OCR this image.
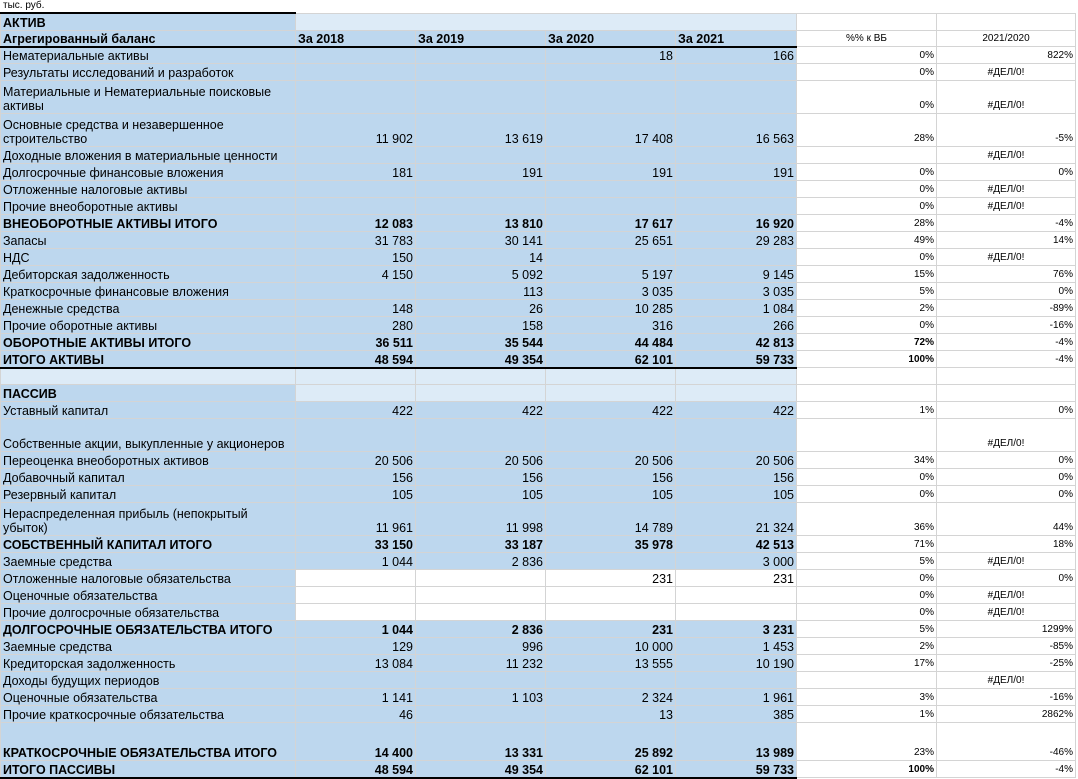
тыс. руб.
АКТИВ						
Агрегированный баланс	За 2018	За 2019	За 2020	За 2021	%% к ВБ	2021/2020
Нематериальные активы			18	166	0%	822%
Результаты исследований и разработок					0%	#ДЕЛ/0!
Материальные и Нематериальные поисковые активы					0%	#ДЕЛ/0!
Основные средства и незавершенное строительство	11 902	13 619	17 408	16 563	28%	-5%
Доходные вложения в материальные ценности						#ДЕЛ/0!
Долгосрочные финансовые вложения	181	191	191	191	0%	0%
Отложенные налоговые активы					0%	#ДЕЛ/0!
Прочие внеоборотные активы					0%	#ДЕЛ/0!
ВНЕОБОРОТНЫЕ АКТИВЫ ИТОГО	12 083	13 810	17 617	16 920	28%	-4%
Запасы	31 783	30 141	25 651	29 283	49%	14%
НДС	150	14			0%	#ДЕЛ/0!
Дебиторская задолженность	4 150	5 092	5 197	9 145	15%	76%
Краткосрочные финансовые вложения		113	3 035	3 035	5%	0%
Денежные средства	148	26	10 285	1 084	2%	-89%
Прочие оборотные активы	280	158	316	266	0%	-16%
ОБОРОТНЫЕ АКТИВЫ ИТОГО	36 511	35 544	44 484	42 813	72%	-4%
ИТОГО АКТИВЫ	48 594	49 354	62 101	59 733	100%	-4%

ПАССИВ						
Уставный капитал	422	422	422	422	1%	0%
Собственные акции, выкупленные у акционеров						#ДЕЛ/0!
Переоценка внеоборотных активов	20 506	20 506	20 506	20 506	34%	0%
Добавочный капитал	156	156	156	156	0%	0%
Резервный капитал	105	105	105	105	0%	0%
Нераспределенная прибыль (непокрытый убыток)	11 961	11 998	14 789	21 324	36%	44%
СОБСТВЕННЫЙ КАПИТАЛ ИТОГО	33 150	33 187	35 978	42 513	71%	18%
Заемные средства	1 044	2 836		3 000	5%	#ДЕЛ/0!
Отложенные налоговые обязательства			231	231	0%	0%
Оценочные обязательства					0%	#ДЕЛ/0!
Прочие долгосрочные обязательства					0%	#ДЕЛ/0!
ДОЛГОСРОЧНЫЕ ОБЯЗАТЕЛЬСТВА ИТОГО	1 044	2 836	231	3 231	5%	1299%
Заемные средства	129	996	10 000	1 453	2%	-85%
Кредиторская задолженность	13 084	11 232	13 555	10 190	17%	-25%
Доходы будущих периодов						#ДЕЛ/0!
Оценочные обязательства	1 141	1 103	2 324	1 961	3%	-16%
Прочие краткосрочные обязательства	46		13	385	1%	2862%
КРАТКОСРОЧНЫЕ ОБЯЗАТЕЛЬСТВА ИТОГО	14 400	13 331	25 892	13 989	23%	-46%
ИТОГО ПАССИВЫ	48 594	49 354	62 101	59 733	100%	-4%
